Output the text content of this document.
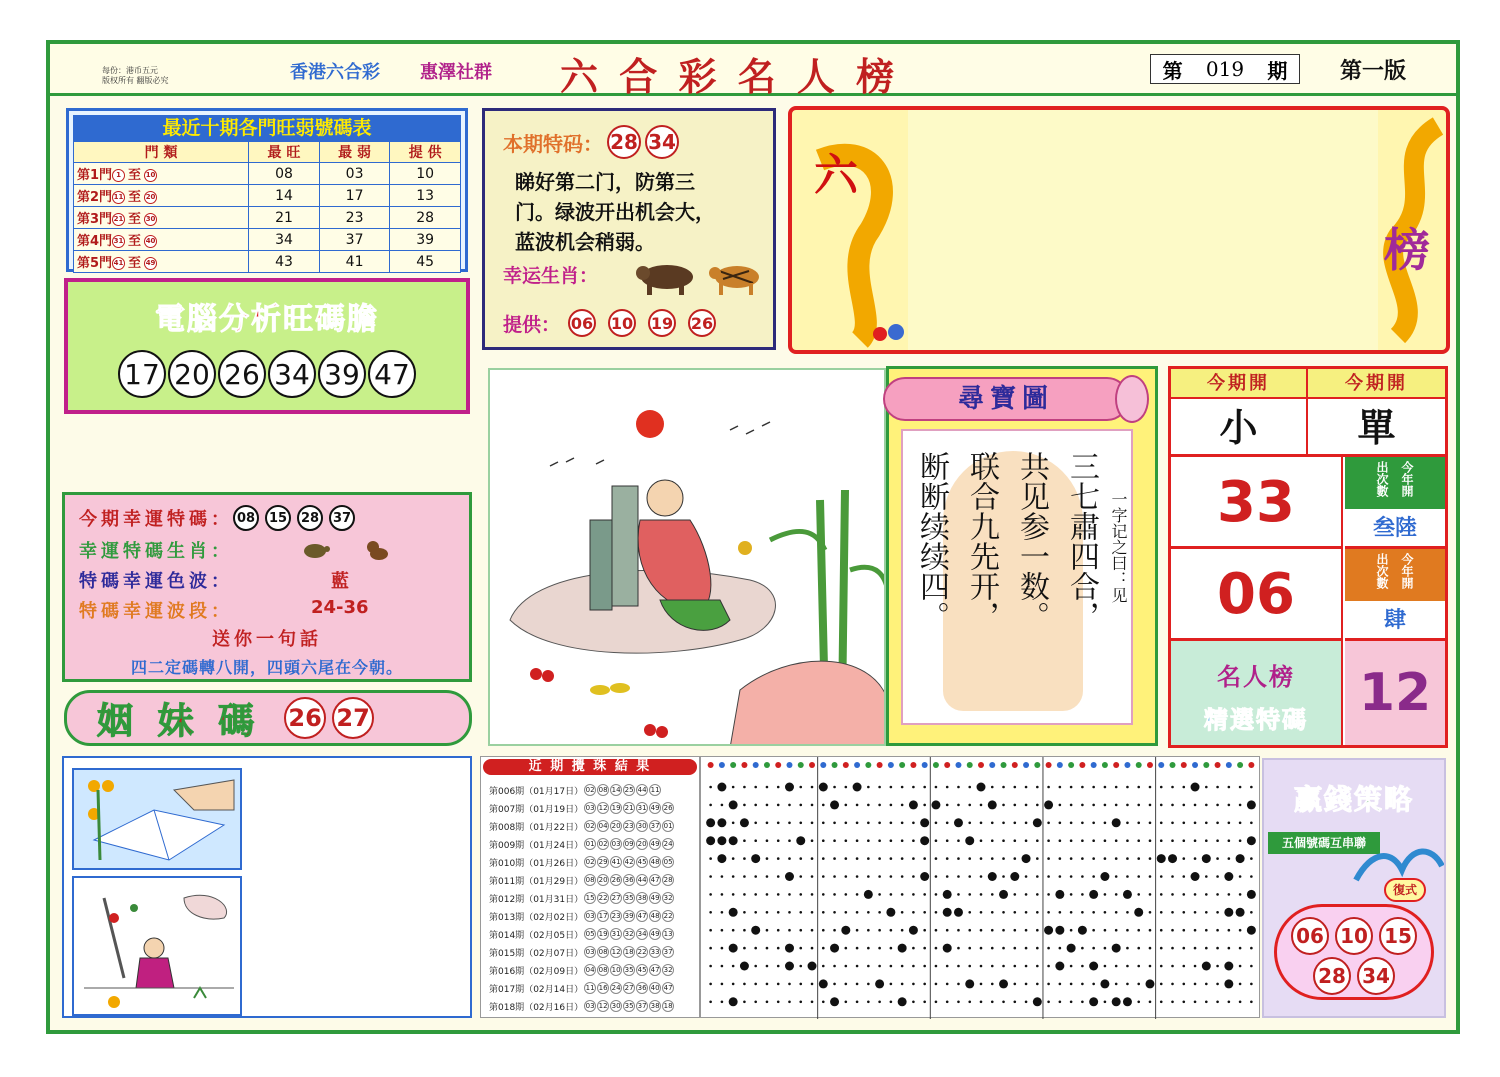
每份：港币五元
版权所有 翻版必究	香港六合彩 惠澤社群 六 合 彩 名 人 榜	第 019 期 第一版
最近十期各門旺弱號碼表
門 類	最 旺	最 弱	提 供
第1門 1 至 10	08	03	10
第2門 11 至 20	14	17	13
第3門 21 至 30	21	23	28
第4門 31 至 40	34	37	39
第5門 41 至 49	43	41	45
電腦分析旺碼膽
17 20 26 34 39 47
本期特码： 28 34
睇好第二门，防第三
门。绿波开出机会大，
蓝波机会稍弱。
幸运生肖：
提供： 06 10 19 26
六
榜
今期幸運特碼： 08	15	28	37
幸運特碼生肖：
特碼幸運色波：	藍
特碼幸運波段：	24-36
送你一句話
四二定碼轉八開，四頭六尾在今朝。
姻 妹 碼 26 27
尋寶圖
三七肅四合，
共见参一数。
联合九先开，
断断续续四。
一字记之曰：见
今期開	今期開
小	單
33	出次數 今年開
叁陸
06	出次數 今年開
肆
名人榜
精選特碼 12
近 期 攪 珠 結 果
第006期 （ 01月17日 ） 02 08 14 25 44 11
第007期 （ 01月19日 ） 03 12 19 21 31 49 26
第008期 （ 01月22日 ） 02 04 20 23 30 37 01
第009期 （ 01月24日 ） 01 02 03 09 20 49 24
第010期 （ 01月26日 ） 02 29 41 42 45 48 05
第011期 （ 01月29日 ） 08 20 26 36 44 47 28
第012期 （ 01月31日 ） 15 22 27 35 38 49 32
第013期 （ 02月02日 ） 03 17 23 39 47 48 22
第014期 （ 02月05日 ） 05 19 31 32 34 49 13
第015期 （ 02月07日 ） 03 08 12 18 22 33 37
第016期 （ 02月09日 ） 04 08 10 35 45 47 32
第017期 （ 02月14日 ） 11 16 24 27 36 40 47
第018期 （ 02月16日 ） 03 12 30 35 37 38 18
贏錢策略
五個號碼互串聯
復式
06 10 15
28 34
